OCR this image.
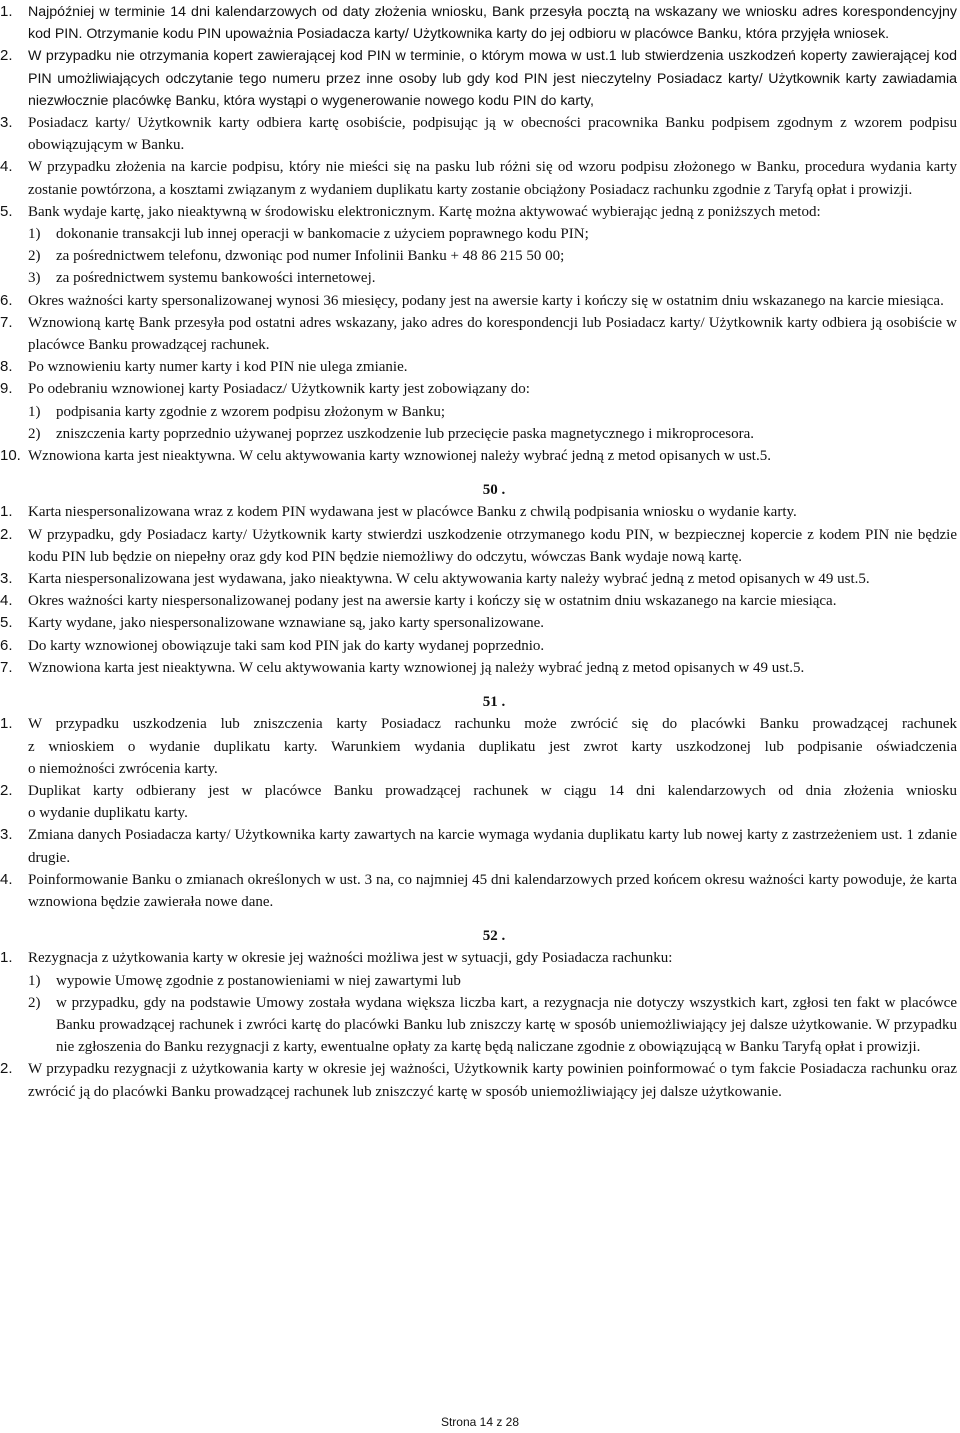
1. Najpóźniej w terminie 14 dni kalendarzowych od daty złożenia wniosku, Bank przesyła pocztą na wskazany we wniosku adres korespondencyjny kod PIN. Otrzymanie kodu PIN upoważnia Posiadacza karty/ Użytkownika karty do jej odbioru w placówce Banku, która przyjęła wniosek.
2. W przypadku nie otrzymania kopert zawierającej kod PIN w terminie, o którym mowa w ust.1 lub stwierdzenia uszkodzeń koperty zawierającej kod PIN umożliwiających odczytanie tego numeru przez inne osoby lub gdy kod PIN jest nieczytelny Posiadacz karty/ Użytkownik karty zawiadamia niezwłocznie placówkę Banku, która wystąpi o wygenerowanie nowego kodu PIN do karty,
3. Posiadacz karty/ Użytkownik karty odbiera kartę osobiście, podpisując ją w obecności pracownika Banku podpisem zgodnym z wzorem podpisu obowiązującym w Banku.
4. W przypadku złożenia na karcie podpisu, który nie mieści się na pasku lub różni się od wzoru podpisu złożonego w Banku, procedura wydania karty zostanie powtórzona, a kosztami związanym z wydaniem duplikatu karty zostanie obciążony Posiadacz rachunku zgodnie z Taryfą opłat i prowizji.
5. Bank wydaje kartę, jako nieaktywną w środowisku elektronicznym. Kartę można aktywować wybierając jedną z poniższych metod:
1) dokonanie transakcji lub innej operacji w bankomacie z użyciem poprawnego kodu PIN;
2) za pośrednictwem telefonu, dzwoniąc pod numer Infolinii Banku + 48 86 215 50 00;
3) za pośrednictwem systemu bankowości internetowej.
6. Okres ważności karty spersonalizowanej wynosi 36 miesięcy, podany jest na awersie karty i kończy się w ostatnim dniu wskazanego na karcie miesiąca.
7. Wznowioną kartę Bank przesyła pod ostatni adres wskazany, jako adres do korespondencji lub Posiadacz karty/ Użytkownik karty odbiera ją osobiście w placówce Banku prowadzącej rachunek.
8. Po wznowieniu karty numer karty i kod PIN nie ulega zmianie.
9. Po odebraniu wznowionej karty Posiadacz/ Użytkownik karty jest zobowiązany do:
1) podpisania karty zgodnie z wzorem podpisu złożonym w Banku;
2) zniszczenia karty poprzednio używanej poprzez uszkodzenie lub przecięcie paska magnetycznego i mikroprocesora.
10. Wznowiona karta jest nieaktywna. W celu aktywowania karty wznowionej należy wybrać jedną z metod opisanych w ust.5.
50 .
1. Karta niespersonalizowana wraz z kodem PIN wydawana jest w placówce Banku z chwilą podpisania wniosku o wydanie karty.
2. W przypadku, gdy Posiadacz karty/ Użytkownik karty stwierdzi uszkodzenie otrzymanego kodu PIN, w bezpiecznej kopercie z kodem PIN nie będzie kodu PIN lub będzie on niepełny oraz gdy kod PIN będzie niemożliwy do odczytu, wówczas Bank wydaje nową kartę.
3. Karta niespersonalizowana jest wydawana, jako nieaktywna. W celu aktywowania karty należy wybrać jedną z metod opisanych w 49 ust.5.
4. Okres ważności karty niespersonalizowanej podany jest na awersie karty i kończy się w ostatnim dniu wskazanego na karcie miesiąca.
5. Karty wydane, jako niespersonalizowane wznawiane są, jako karty spersonalizowane.
6. Do karty wznowionej obowiązuje taki sam kod PIN jak do karty wydanej poprzednio.
7. Wznowiona karta jest nieaktywna. W celu aktywowania karty wznowionej ją należy wybrać jedną z metod opisanych w 49 ust.5.
51 .
1. W przypadku uszkodzenia lub zniszczenia karty Posiadacz rachunku może zwrócić się do placówki Banku prowadzącej rachunek
z wnioskiem o wydanie duplikatu karty. Warunkiem wydania duplikatu jest zwrot karty uszkodzonej lub podpisanie oświadczenia
o niemożności zwrócenia karty.
2. Duplikat karty odbierany jest w placówce Banku prowadzącej rachunek w ciągu 14 dni kalendarzowych od dnia złożenia wniosku
o wydanie duplikatu karty.
3. Zmiana danych Posiadacza karty/ Użytkownika karty zawartych na karcie wymaga wydania duplikatu karty lub nowej karty z zastrzeżeniem ust. 1 zdanie drugie.
4. Poinformowanie Banku o zmianach określonych w ust. 3 na, co najmniej 45 dni kalendarzowych przed końcem okresu ważności karty powoduje, że karta wznowiona będzie zawierała nowe dane.
52 .
1. Rezygnacja z użytkowania karty w okresie jej ważności możliwa jest w sytuacji, gdy Posiadacza rachunku:
1) wypowie Umowę zgodnie z postanowieniami w niej zawartymi lub
2) w przypadku, gdy na podstawie Umowy została wydana większa liczba kart, a rezygnacja nie dotyczy wszystkich kart, zgłosi ten fakt w placówce Banku prowadzącej rachunek i zwróci kartę do placówki Banku lub zniszczy kartę w sposób uniemożliwiający jej dalsze użytkowanie. W przypadku nie zgłoszenia do Banku rezygnacji z karty, ewentualne opłaty za kartę będą naliczane zgodnie z obowiązującą w Banku Taryfą opłat i prowizji.
2. W przypadku rezygnacji z użytkowania karty w okresie jej ważności, Użytkownik karty powinien poinformować o tym fakcie Posiadacza rachunku oraz zwrócić ją do placówki Banku prowadzącej rachunek lub zniszczyć kartę w sposób uniemożliwiający jej dalsze użytkowanie.
Strona 14 z 28
